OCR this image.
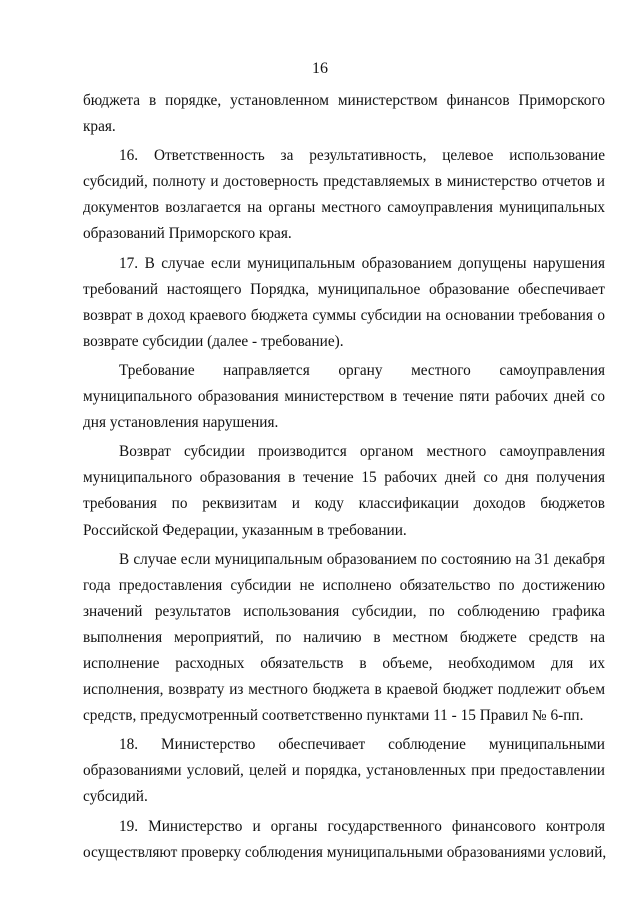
16
бюджета в порядке, установленном министерством финансов Приморского
края.
16. Ответственность за результативность, целевое использование
субсидий, полноту и достоверность представляемых в министерство отчетов и
документов возлагается на органы местного самоуправления муниципальных
образований Приморского края.
17. В случае если муниципальным образованием допущены нарушения
требований настоящего Порядка, муниципальное образование обеспечивает
возврат в доход краевого бюджета суммы субсидии на основании требования о
возврате субсидии (далее - требование).
Требование направляется органу местного самоуправления
муниципального образования министерством в течение пяти рабочих дней со
дня установления нарушения.
Возврат субсидии производится органом местного самоуправления
муниципального образования в течение 15 рабочих дней со дня получения
требования по реквизитам и коду классификации доходов бюджетов
Российской Федерации, указанным в требовании.
В случае если муниципальным образованием по состоянию на 31 декабря
года предоставления субсидии не исполнено обязательство по достижению
значений результатов использования субсидии, по соблюдению графика
выполнения мероприятий, по наличию в местном бюджете средств на
исполнение расходных обязательств в объеме, необходимом для их
исполнения, возврату из местного бюджета в краевой бюджет подлежит объем
средств, предусмотренный соответственно пунктами 11 - 15 Правил № 6-пп.
18. Министерство обеспечивает соблюдение муниципальными
образованиями условий, целей и порядка, установленных при предоставлении
субсидий.
19. Министерство и органы государственного финансового контроля
осуществляют проверку соблюдения муниципальными образованиями условий,
